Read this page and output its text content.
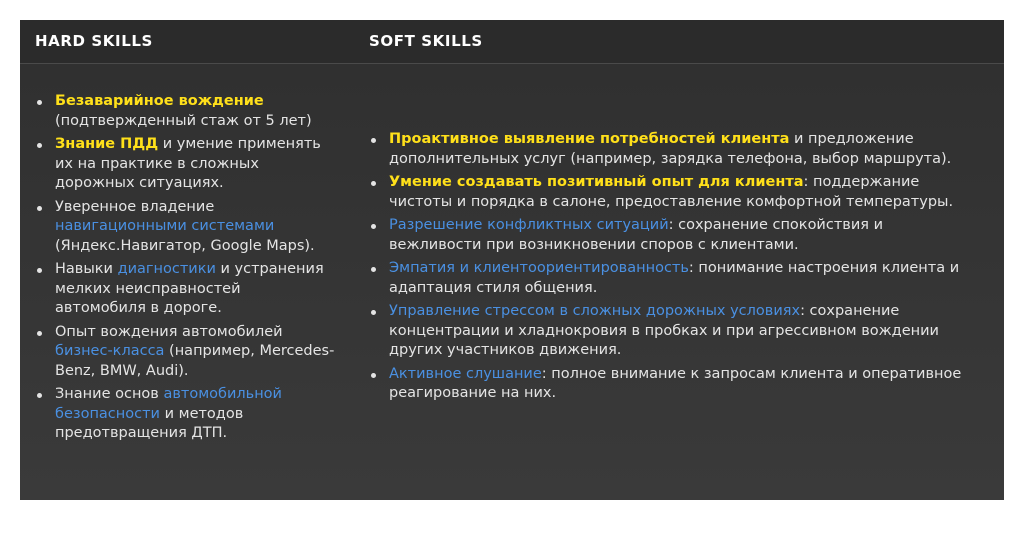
HARD SKILLS	SOFT SKILLS
Безаварийное вождение (подтвержденный стаж от 5 лет)
Знание ПДД и умение применять их на практике в сложных дорожных ситуациях.
Уверенное владение навигационными системами (Яндекс.Навигатор, Google Maps).
Навыки диагностики и устранения мелких неисправностей автомобиля в дороге.
Опыт вождения автомобилей бизнес-класса (например, Mercedes-Benz, BMW, Audi).
Знание основ автомобильной безопасности и методов предотвращения ДТП.
Проактивное выявление потребностей клиента и предложение дополнительных услуг (например, зарядка телефона, выбор маршрута).
Умение создавать позитивный опыт для клиента: поддержание чистоты и порядка в салоне, предоставление комфортной температуры.
Разрешение конфликтных ситуаций: сохранение спокойствия и вежливости при возникновении споров с клиентами.
Эмпатия и клиентоориентированность: понимание настроения клиента и адаптация стиля общения.
Управление стрессом в сложных дорожных условиях: сохранение концентрации и хладнокровия в пробках и при агрессивном вождении других участников движения.
Активное слушание: полное внимание к запросам клиента и оперативное реагирование на них.
